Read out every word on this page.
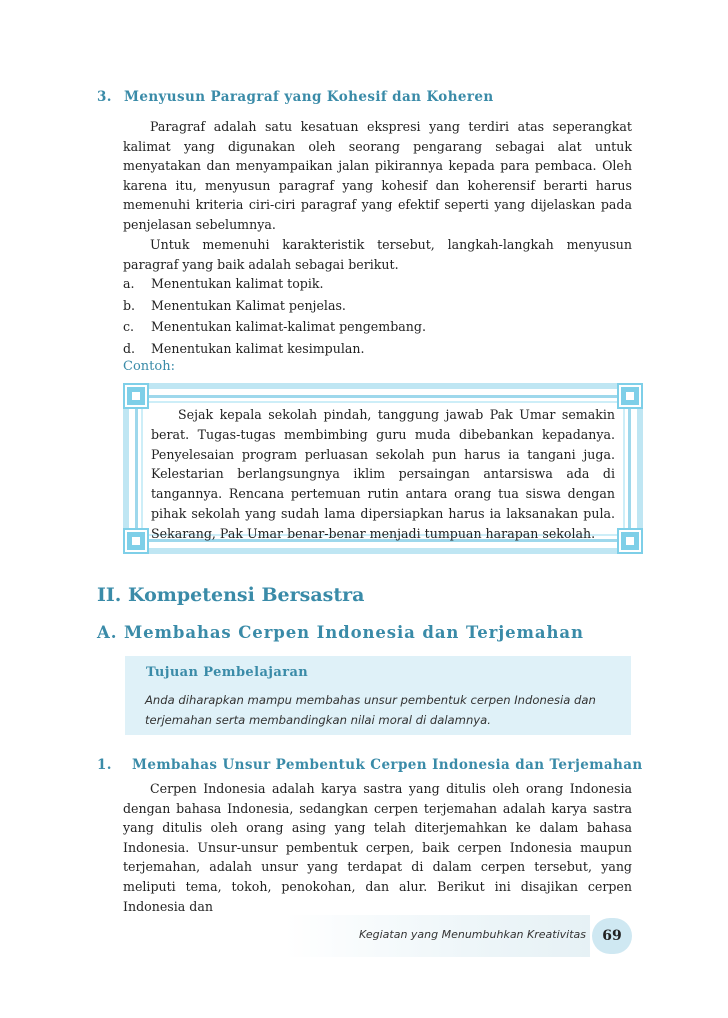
3. Menyusun Paragraf yang Kohesif dan Koheren
Paragraf adalah satu kesatuan ekspresi yang terdiri atas seperangkat kalimat yang digunakan oleh seorang pengarang sebagai alat untuk menyatakan dan menyampaikan jalan pikirannya kepada para pembaca. Oleh karena itu, menyusun paragraf yang kohesif dan koherensif berarti harus memenuhi kriteria ciri-ciri paragraf yang efektif seperti yang dijelaskan pada penjelasan sebelumnya.
Untuk memenuhi karakteristik tersebut, langkah-langkah menyusun paragraf yang baik adalah sebagai berikut.
a.	Menentukan kalimat topik.
b.	Menentukan Kalimat penjelas.
c.	Menentukan kalimat-kalimat pengembang.
d.	Menentukan kalimat kesimpulan.
Contoh:
Sejak kepala sekolah pindah, tanggung jawab Pak Umar semakin berat. Tugas-tugas membimbing guru muda dibebankan kepadanya. Penyelesaian program perluasan sekolah pun harus ia tangani juga. Kelestarian berlangsungnya iklim persaingan antarsiswa ada di tangannya. Rencana pertemuan rutin antara orang tua siswa dengan pihak sekolah yang sudah lama dipersiapkan harus ia laksanakan pula. Sekarang, Pak Umar benar-benar menjadi tumpuan harapan sekolah.
II. Kompetensi Bersastra
A. Membahas Cerpen Indonesia dan Terjemahan
Tujuan Pembelajaran
Anda diharapkan mampu membahas unsur pembentuk cerpen Indonesia dan terjemahan serta membandingkan nilai moral di dalamnya.
1. Membahas Unsur Pembentuk Cerpen Indonesia dan Terjemahan
Cerpen Indonesia adalah karya sastra yang ditulis oleh orang Indonesia dengan bahasa Indonesia, sedangkan cerpen terjemahan adalah karya sastra yang ditulis oleh orang asing yang telah diterjemahkan ke dalam bahasa Indonesia. Unsur-unsur pembentuk cerpen, baik cerpen Indonesia maupun terjemahan, adalah unsur yang terdapat di dalam cerpen tersebut, yang meliputi tema, tokoh, penokohan, dan alur. Berikut ini disajikan cerpen Indonesia dan
Kegiatan yang Menumbuhkan Kreativitas	69
